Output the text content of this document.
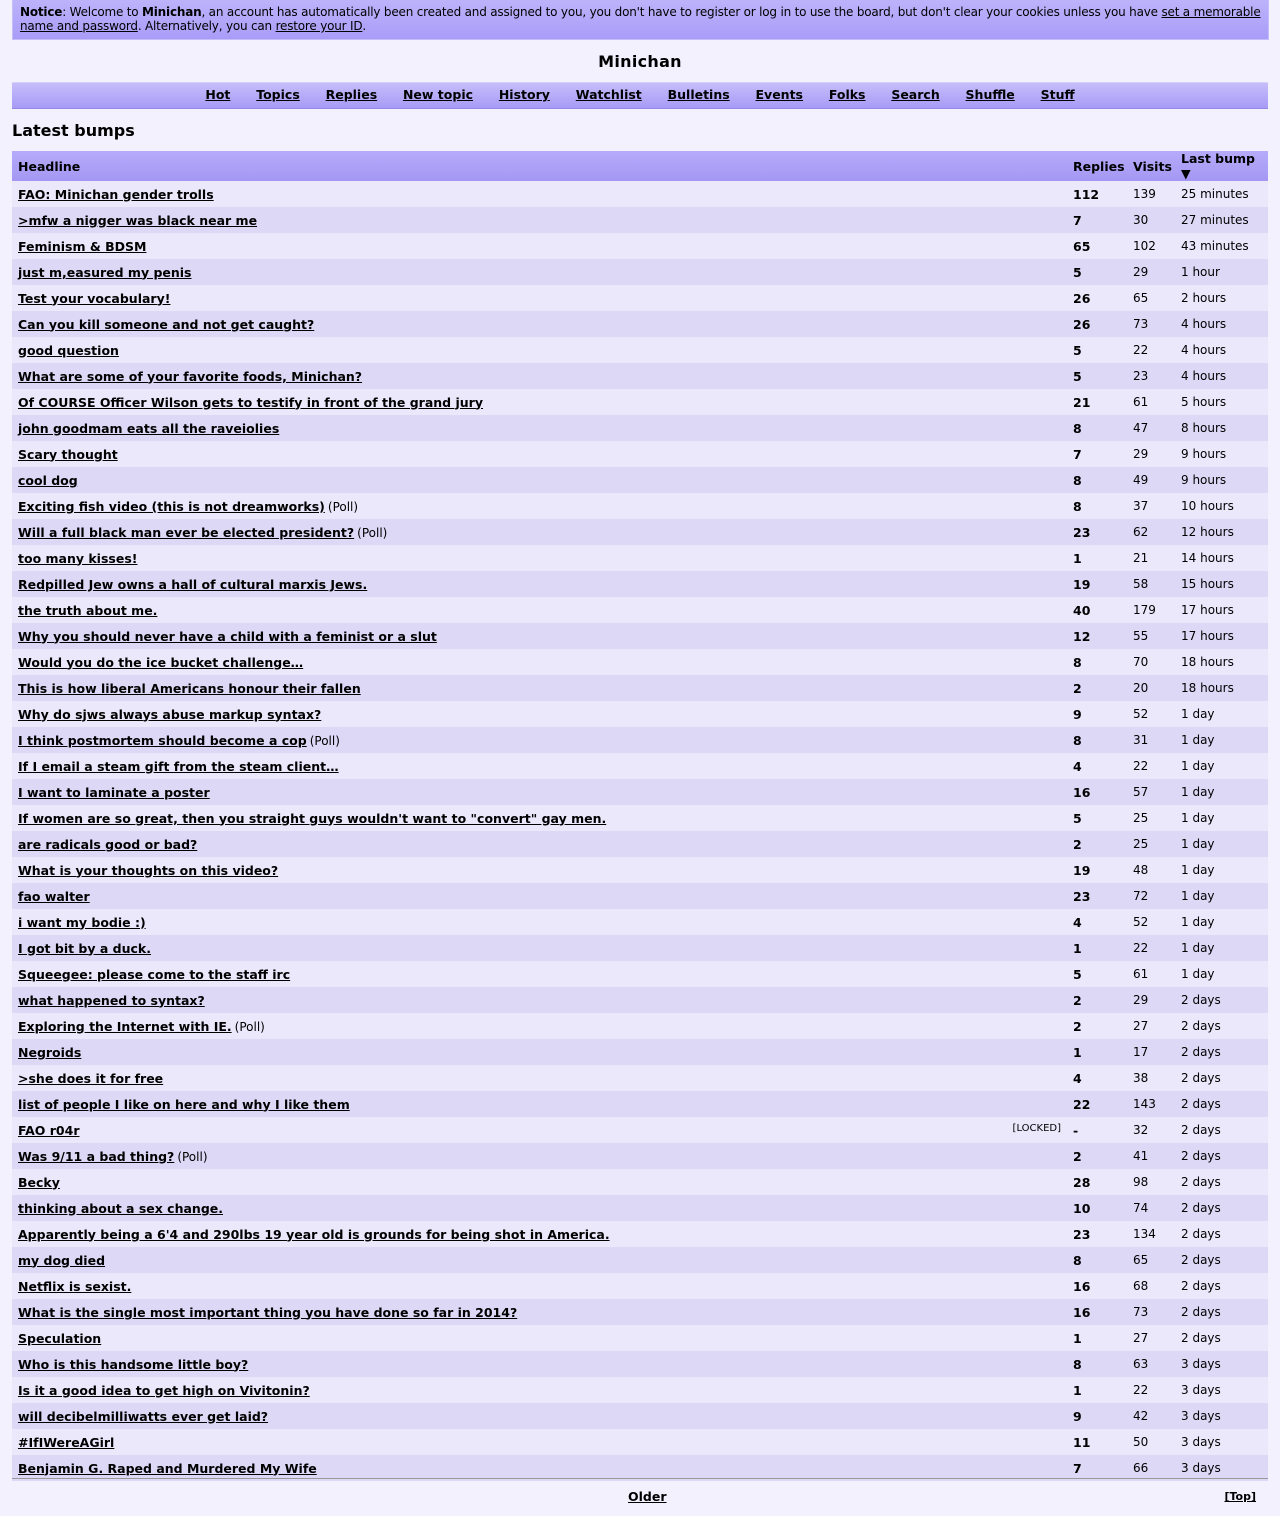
Notice: Welcome to Minichan, an account has automatically been created and assigned to you, you don't have to register or log in to use the board, but don't clear your cookies unless you have set a memorable name and password. Alternatively, you can restore your ID.
Minichan
Hot Topics Replies New topic History Watchlist Bulletins Events Folks Search Shuffle Stuff
Latest bumps
Headline	Replies	Visits	Last bump ▼
FAO: Minichan gender trolls	112	139	25 minutes
>mfw a nigger was black near me	7	30	27 minutes
Feminism & BDSM	65	102	43 minutes
just m,easured my penis	5	29	1 hour
Test your vocabulary!	26	65	2 hours
Can you kill someone and not get caught?	26	73	4 hours
good question	5	22	4 hours
What are some of your favorite foods, Minichan?	5	23	4 hours
Of COURSE Officer Wilson gets to testify in front of the grand jury	21	61	5 hours
john goodmam eats all the raveiolies	8	47	8 hours
Scary thought	7	29	9 hours
cool dog	8	49	9 hours
Exciting fish video (this is not dreamworks) (Poll)	8	37	10 hours
Will a full black man ever be elected president? (Poll)	23	62	12 hours
too many kisses!	1	21	14 hours
Redpilled Jew owns a hall of cultural marxis Jews.	19	58	15 hours
the truth about me.	40	179	17 hours
Why you should never have a child with a feminist or a slut	12	55	17 hours
Would you do the ice bucket challenge…	8	70	18 hours
This is how liberal Americans honour their fallen	2	20	18 hours
Why do sjws always abuse markup syntax?	9	52	1 day
I think postmortem should become a cop (Poll)	8	31	1 day
If I email a steam gift from the steam client…	4	22	1 day
I want to laminate a poster	16	57	1 day
If women are so great, then you straight guys wouldn't want to "convert" gay men.	5	25	1 day
are radicals good or bad?	2	25	1 day
What is your thoughts on this video?	19	48	1 day
fao walter	23	72	1 day
i want my bodie :)	4	52	1 day
I got bit by a duck.	1	22	1 day
Squeegee: please come to the staff irc	5	61	1 day
what happened to syntax?	2	29	2 days
Exploring the Internet with IE. (Poll)	2	27	2 days
Negroids	1	17	2 days
>she does it for free	4	38	2 days
list of people I like on here and why I like them	22	143	2 days

[LOCKED]
FAO r04r	-	32	2 days
Was 9/11 a bad thing? (Poll)	2	41	2 days
Becky	28	98	2 days
thinking about a sex change.	10	74	2 days
Apparently being a 6'4 and 290lbs 19 year old is grounds for being shot in America.	23	134	2 days
my dog died	8	65	2 days
Netflix is sexist.	16	68	2 days
What is the single most important thing you have done so far in 2014?	16	73	2 days
Speculation	1	27	2 days
Who is this handsome little boy?	8	63	3 days
Is it a good idea to get high on Vivitonin?	1	22	3 days
will decibelmilliwatts ever get laid?	9	42	3 days
#IfIWereAGirl	11	50	3 days
Benjamin G. Raped and Murdered My Wife	7	66	3 days
Older	[Top]
